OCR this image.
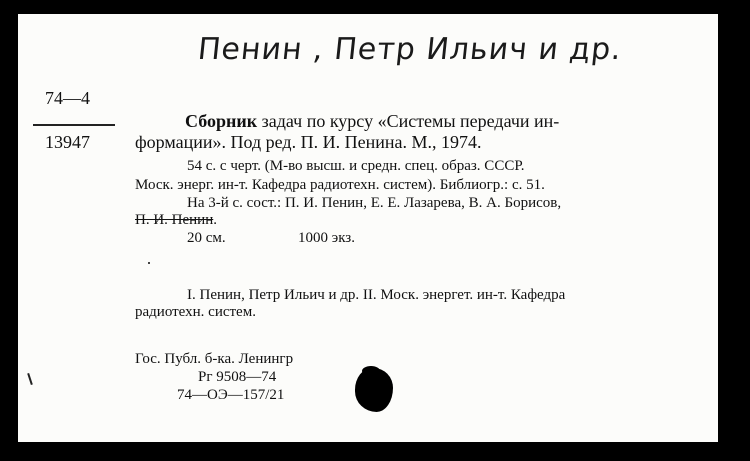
Пенин , Петр Ильич и др.
74—4
13947
Сборник задач по курсу «Системы передачи ин-
формации». Под ред. П. И. Пенина. М., 1974.
54 с. с черт. (М-во высш. и средн. спец. образ. СССР.
Моск. энерг. ин-т. Кафедра радиотехн. систем). Библиогр.: с. 51.
На 3-й с. сост.: П. И. Пенин, Е. Е. Лазарева, В. А. Борисов,
П. И. Пенин.
20 см.	1000 экз.
I. Пенин, Петр Ильич и др. II. Моск. энергет. ин-т. Кафедра
радиотехн. систем.
Гос. Публ. б-ка. Ленингр
Рг 9508—74
74—ОЭ—157/21
